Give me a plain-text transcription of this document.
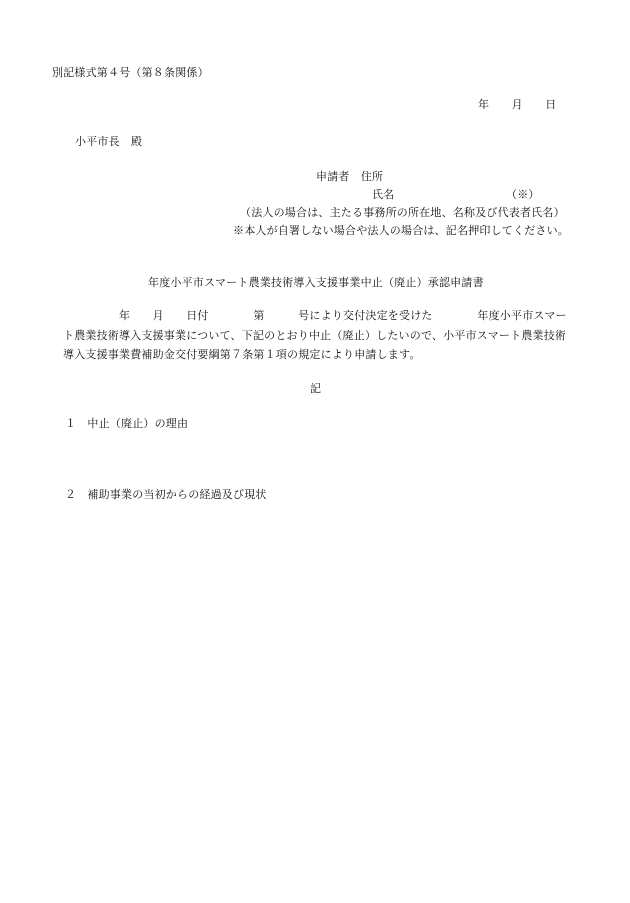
別記様式第４号（第８条関係）
年　　月　　日
小平市長　殿
申請者　住所
氏名	（※）
（法人の場合は、主たる事務所の所在地、名称及び代表者氏名）
※本人が自署しない場合や法人の場合は、記名押印してください。
年度小平市スマート農業技術導入支援事業中止（廃止）承認申請書
　　　　　年　　月　　日付　　　　第　　　号により交付決定を受けた　　　　年度小平市スマー
ト農業技術導入支援事業について、下記のとおり中止（廃止）したいので、小平市スマート農業技術
導入支援事業費補助金交付要綱第７条第１項の規定により申請します。
記
１　中止（廃止）の理由
２　補助事業の当初からの経過及び現状
